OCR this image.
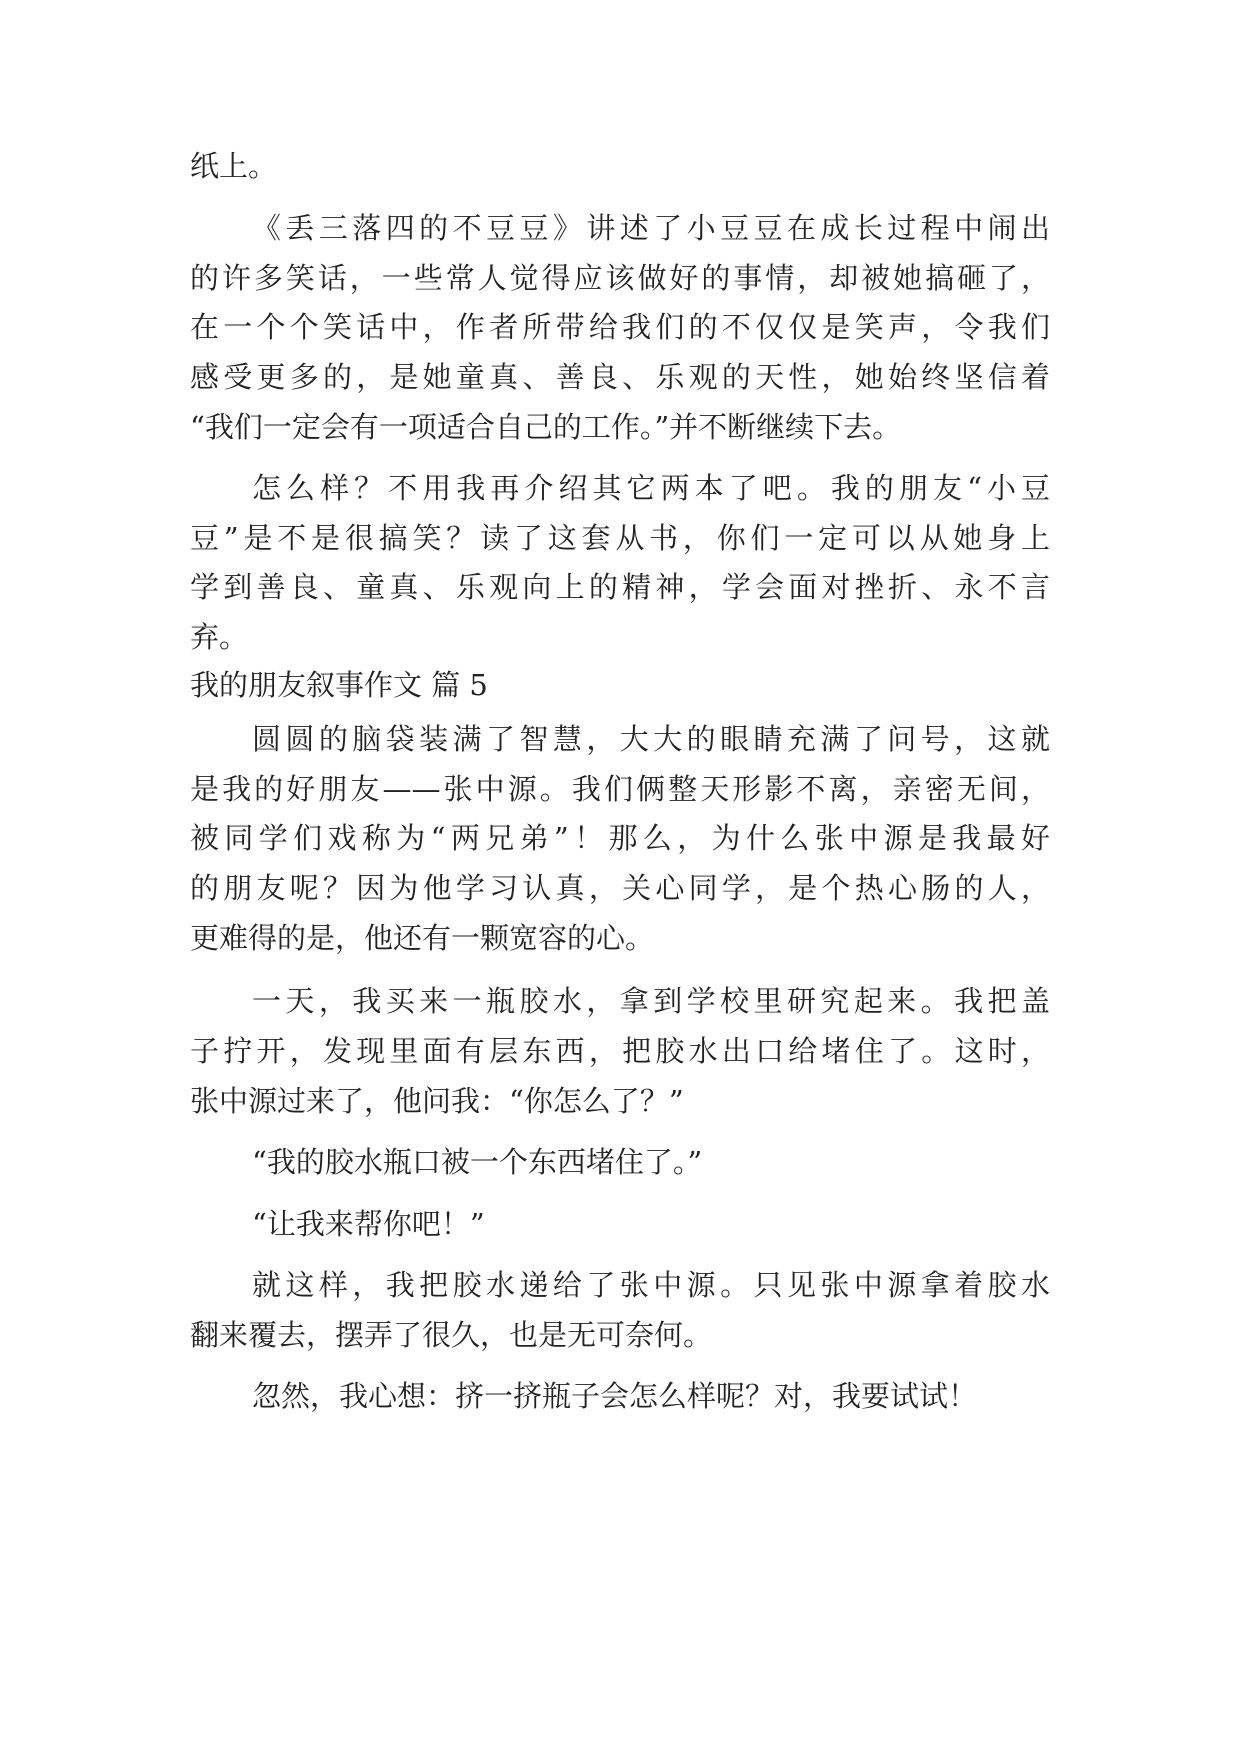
纸上。

《丢三落四的不豆豆》讲述了小豆豆在成长过程中闹出

的许多笑话，一些常人觉得应该做好的事情，却被她搞砸了，

在一个个笑话中，作者所带给我们的不仅仅是笑声，令我们

感受更多的，是她童真、善良、乐观的天性，她始终坚信着

“我们一定会有一项适合自己的工作。”并不断继续下去。

怎么样？不用我再介绍其它两本了吧。我的朋友“小豆

豆”是不是很搞笑？读了这套从书，你们一定可以从她身上

学到善良、童真、乐观向上的精神，学会面对挫折、永不言

弃。

我的朋友叙事作文 篇 5

圆圆的脑袋装满了智慧，大大的眼睛充满了问号，这就

是我的好朋友——张中源。我们俩整天形影不离，亲密无间，

被同学们戏称为“两兄弟”！那么，为什么张中源是我最好

的朋友呢？因为他学习认真，关心同学，是个热心肠的人，

更难得的是，他还有一颗宽容的心。

一天，我买来一瓶胶水，拿到学校里研究起来。我把盖

子拧开，发现里面有层东西，把胶水出口给堵住了。这时，

张中源过来了，他问我：“你怎么了？”

“我的胶水瓶口被一个东西堵住了。”

“让我来帮你吧！”

就这样，我把胶水递给了张中源。只见张中源拿着胶水

翻来覆去，摆弄了很久，也是无可奈何。

忽然，我心想：挤一挤瓶子会怎么样呢？对，我要试试！
